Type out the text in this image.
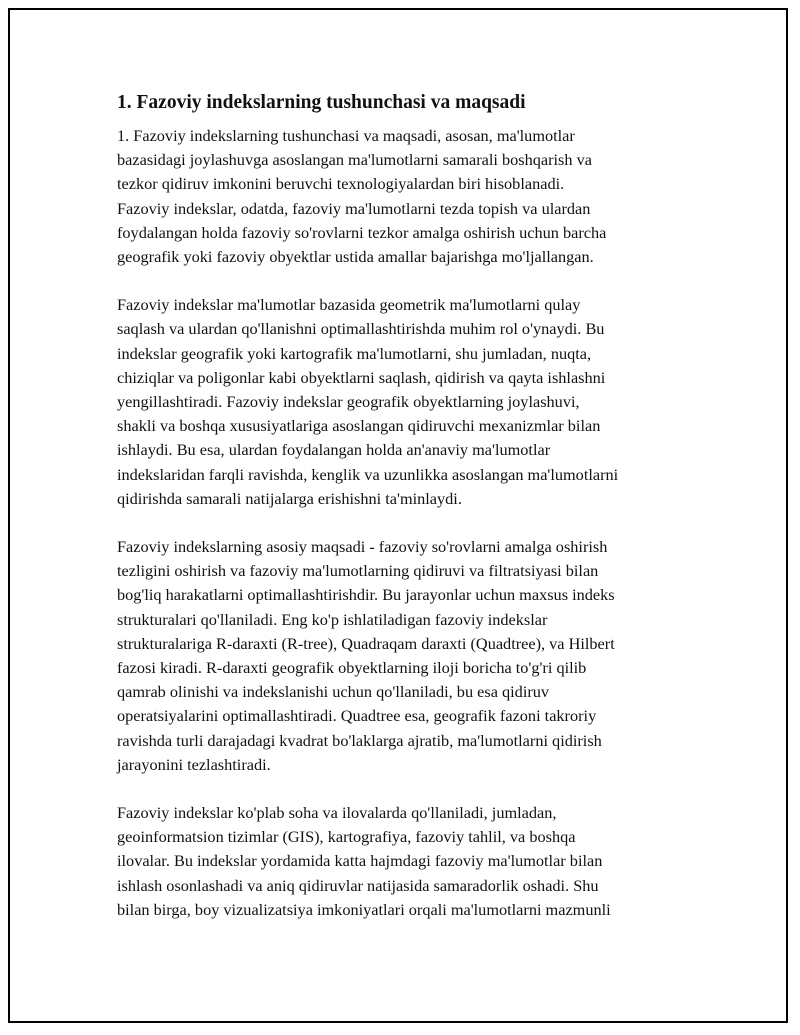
1. Fazoviy indekslarning tushunchasi va maqsadi
1. Fazoviy indekslarning tushunchasi va maqsadi, asosan, ma'lumotlar
bazasidagi joylashuvga asoslangan ma'lumotlarni samarali boshqarish va
tezkor qidiruv imkonini beruvchi texnologiyalardan biri hisoblanadi.
Fazoviy indekslar, odatda, fazoviy ma'lumotlarni tezda topish va ulardan
foydalangan holda fazoviy so'rovlarni tezkor amalga oshirish uchun barcha
geografik yoki fazoviy obyektlar ustida amallar bajarishga mo'ljallangan.
Fazoviy indekslar ma'lumotlar bazasida geometrik ma'lumotlarni qulay
saqlash va ulardan qo'llanishni optimallashtirishda muhim rol o'ynaydi. Bu
indekslar geografik yoki kartografik ma'lumotlarni, shu jumladan, nuqta,
chiziqlar va poligonlar kabi obyektlarni saqlash, qidirish va qayta ishlashni
yengillashtiradi. Fazoviy indekslar geografik obyektlarning joylashuvi,
shakli va boshqa xususiyatlariga asoslangan qidiruvchi mexanizmlar bilan
ishlaydi. Bu esa, ulardan foydalangan holda an'anaviy ma'lumotlar
indekslaridan farqli ravishda, kenglik va uzunlikka asoslangan ma'lumotlarni
qidirishda samarali natijalarga erishishni ta'minlaydi.
Fazoviy indekslarning asosiy maqsadi - fazoviy so'rovlarni amalga oshirish
tezligini oshirish va fazoviy ma'lumotlarning qidiruvi va filtratsiyasi bilan
bog'liq harakatlarni optimallashtirishdir. Bu jarayonlar uchun maxsus indeks
strukturalari qo'llaniladi. Eng ko'p ishlatiladigan fazoviy indekslar
strukturalariga R-daraxti (R-tree), Quadraqam daraxti (Quadtree), va Hilbert
fazosi kiradi. R-daraxti geografik obyektlarning iloji boricha to'g'ri qilib
qamrab olinishi va indekslanishi uchun qo'llaniladi, bu esa qidiruv
operatsiyalarini optimallashtiradi. Quadtree esa, geografik fazoni takroriy
ravishda turli darajadagi kvadrat bo'laklarga ajratib, ma'lumotlarni qidirish
jarayonini tezlashtiradi.
Fazoviy indekslar ko'plab soha va ilovalarda qo'llaniladi, jumladan,
geoinformatsion tizimlar (GIS), kartografiya, fazoviy tahlil, va boshqa
ilovalar. Bu indekslar yordamida katta hajmdagi fazoviy ma'lumotlar bilan
ishlash osonlashadi va aniq qidiruvlar natijasida samaradorlik oshadi. Shu
bilan birga, boy vizualizatsiya imkoniyatlari orqali ma'lumotlarni mazmunli
